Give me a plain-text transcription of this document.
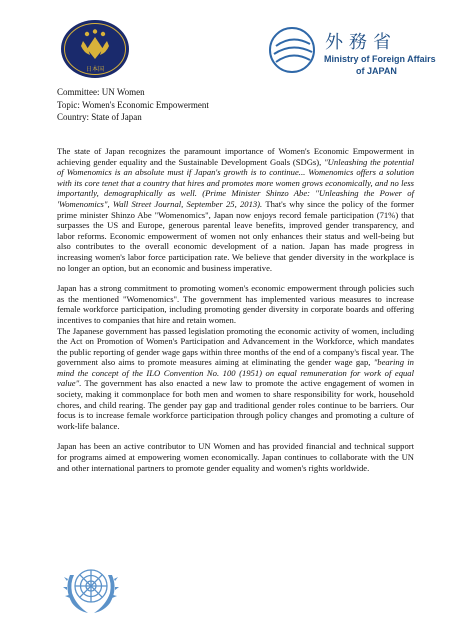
日本国
外務省
Ministry of Foreign Affairs
of JAPAN
Committee: UN Women
Topic: Women's Economic Empowerment
Country: State of Japan

The state of Japan recognizes the paramount importance of Women's Economic Empowerment in achieving gender equality and the Sustainable Development Goals (SDGs), "Unleashing the potential of Womenomics is an absolute must if Japan's growth is to continue... Womenomics offers a solution with its core tenet that a country that hires and promotes more women grows economically, and no less importantly, demographically as well. (Prime Minister Shinzo Abe: "Unleashing the Power of 'Womenomics", Wall Street Journal, September 25, 2013). That's why since the policy of the former prime minister Shinzo Abe "Womenomics", Japan now enjoys record female participation (71%) that surpasses the US and Europe, generous parental leave benefits, improved gender transparency, and labor reforms. Economic empowerment of women not only enhances their status and well-being but also contributes to the overall economic development of a nation. Japan has made progress in increasing women's labor force participation rate. We believe that gender diversity in the workplace is no longer an option, but an economic and business imperative.

Japan has a strong commitment to promoting women's economic empowerment through policies such as the mentioned "Womenomics". The government has implemented various measures to increase female workforce participation, including promoting gender diversity in corporate boards and offering incentives to companies that hire and retain women.

The Japanese government has passed legislation promoting the economic activity of women, including the Act on Promotion of Women's Participation and Advancement in the Workforce, which mandates the public reporting of gender wage gaps within three months of the end of a company's fiscal year. The government also aims to promote measures aiming at eliminating the gender wage gap, "bearing in mind the concept of the ILO Convention No. 100 (1951) on equal remuneration for work of equal value". The government has also enacted a new law to promote the active engagement of women in society, making it commonplace for both men and women to share responsibility for work, household chores, and child rearing. The gender pay gap and traditional gender roles continue to be barriers. Our focus is to increase female workforce participation through policy changes and promoting a culture of work-life balance.

Japan has been an active contributor to UN Women and has provided financial and technical support for programs aimed at empowering women economically. Japan continues to collaborate with the UN and other international partners to promote gender equality and women's rights worldwide.
